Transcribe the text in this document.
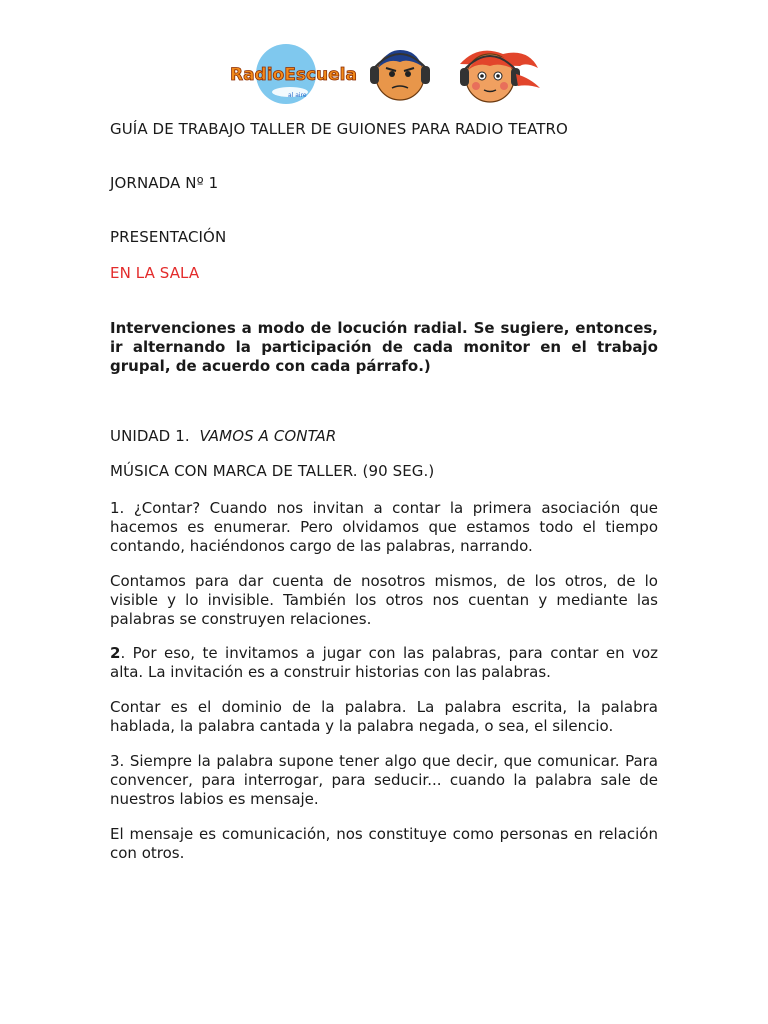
RadioEscuela
al aire
GUÍA DE TRABAJO TALLER DE GUIONES PARA RADIO TEATRO
JORNADA Nº 1
PRESENTACIÓN
EN LA SALA

Intervenciones a modo de locución radial. Se sugiere, entonces, ir alternando la participación de cada monitor en el trabajo grupal, de acuerdo con cada párrafo.)

UNIDAD 1. VAMOS A CONTAR
MÚSICA CON MARCA DE TALLER. (90 SEG.)

1. ¿Contar? Cuando nos invitan a contar la primera asociación que hacemos es enumerar. Pero olvidamos que estamos todo el tiempo contando, haciéndonos cargo de las palabras, narrando.

Contamos para dar cuenta de nosotros mismos, de los otros, de lo visible y lo invisible. También los otros nos cuentan y mediante las palabras se construyen relaciones.

2. Por eso, te invitamos a jugar con las palabras, para contar en voz alta. La invitación es a construir historias con las palabras.

Contar es el dominio de la palabra. La palabra escrita, la palabra hablada, la palabra cantada y la palabra negada, o sea, el silencio.

3. Siempre la palabra supone tener algo que decir, que comunicar. Para convencer, para interrogar, para seducir... cuando la palabra sale de nuestros labios es mensaje.

El mensaje es comunicación, nos constituye como personas en relación con otros.
